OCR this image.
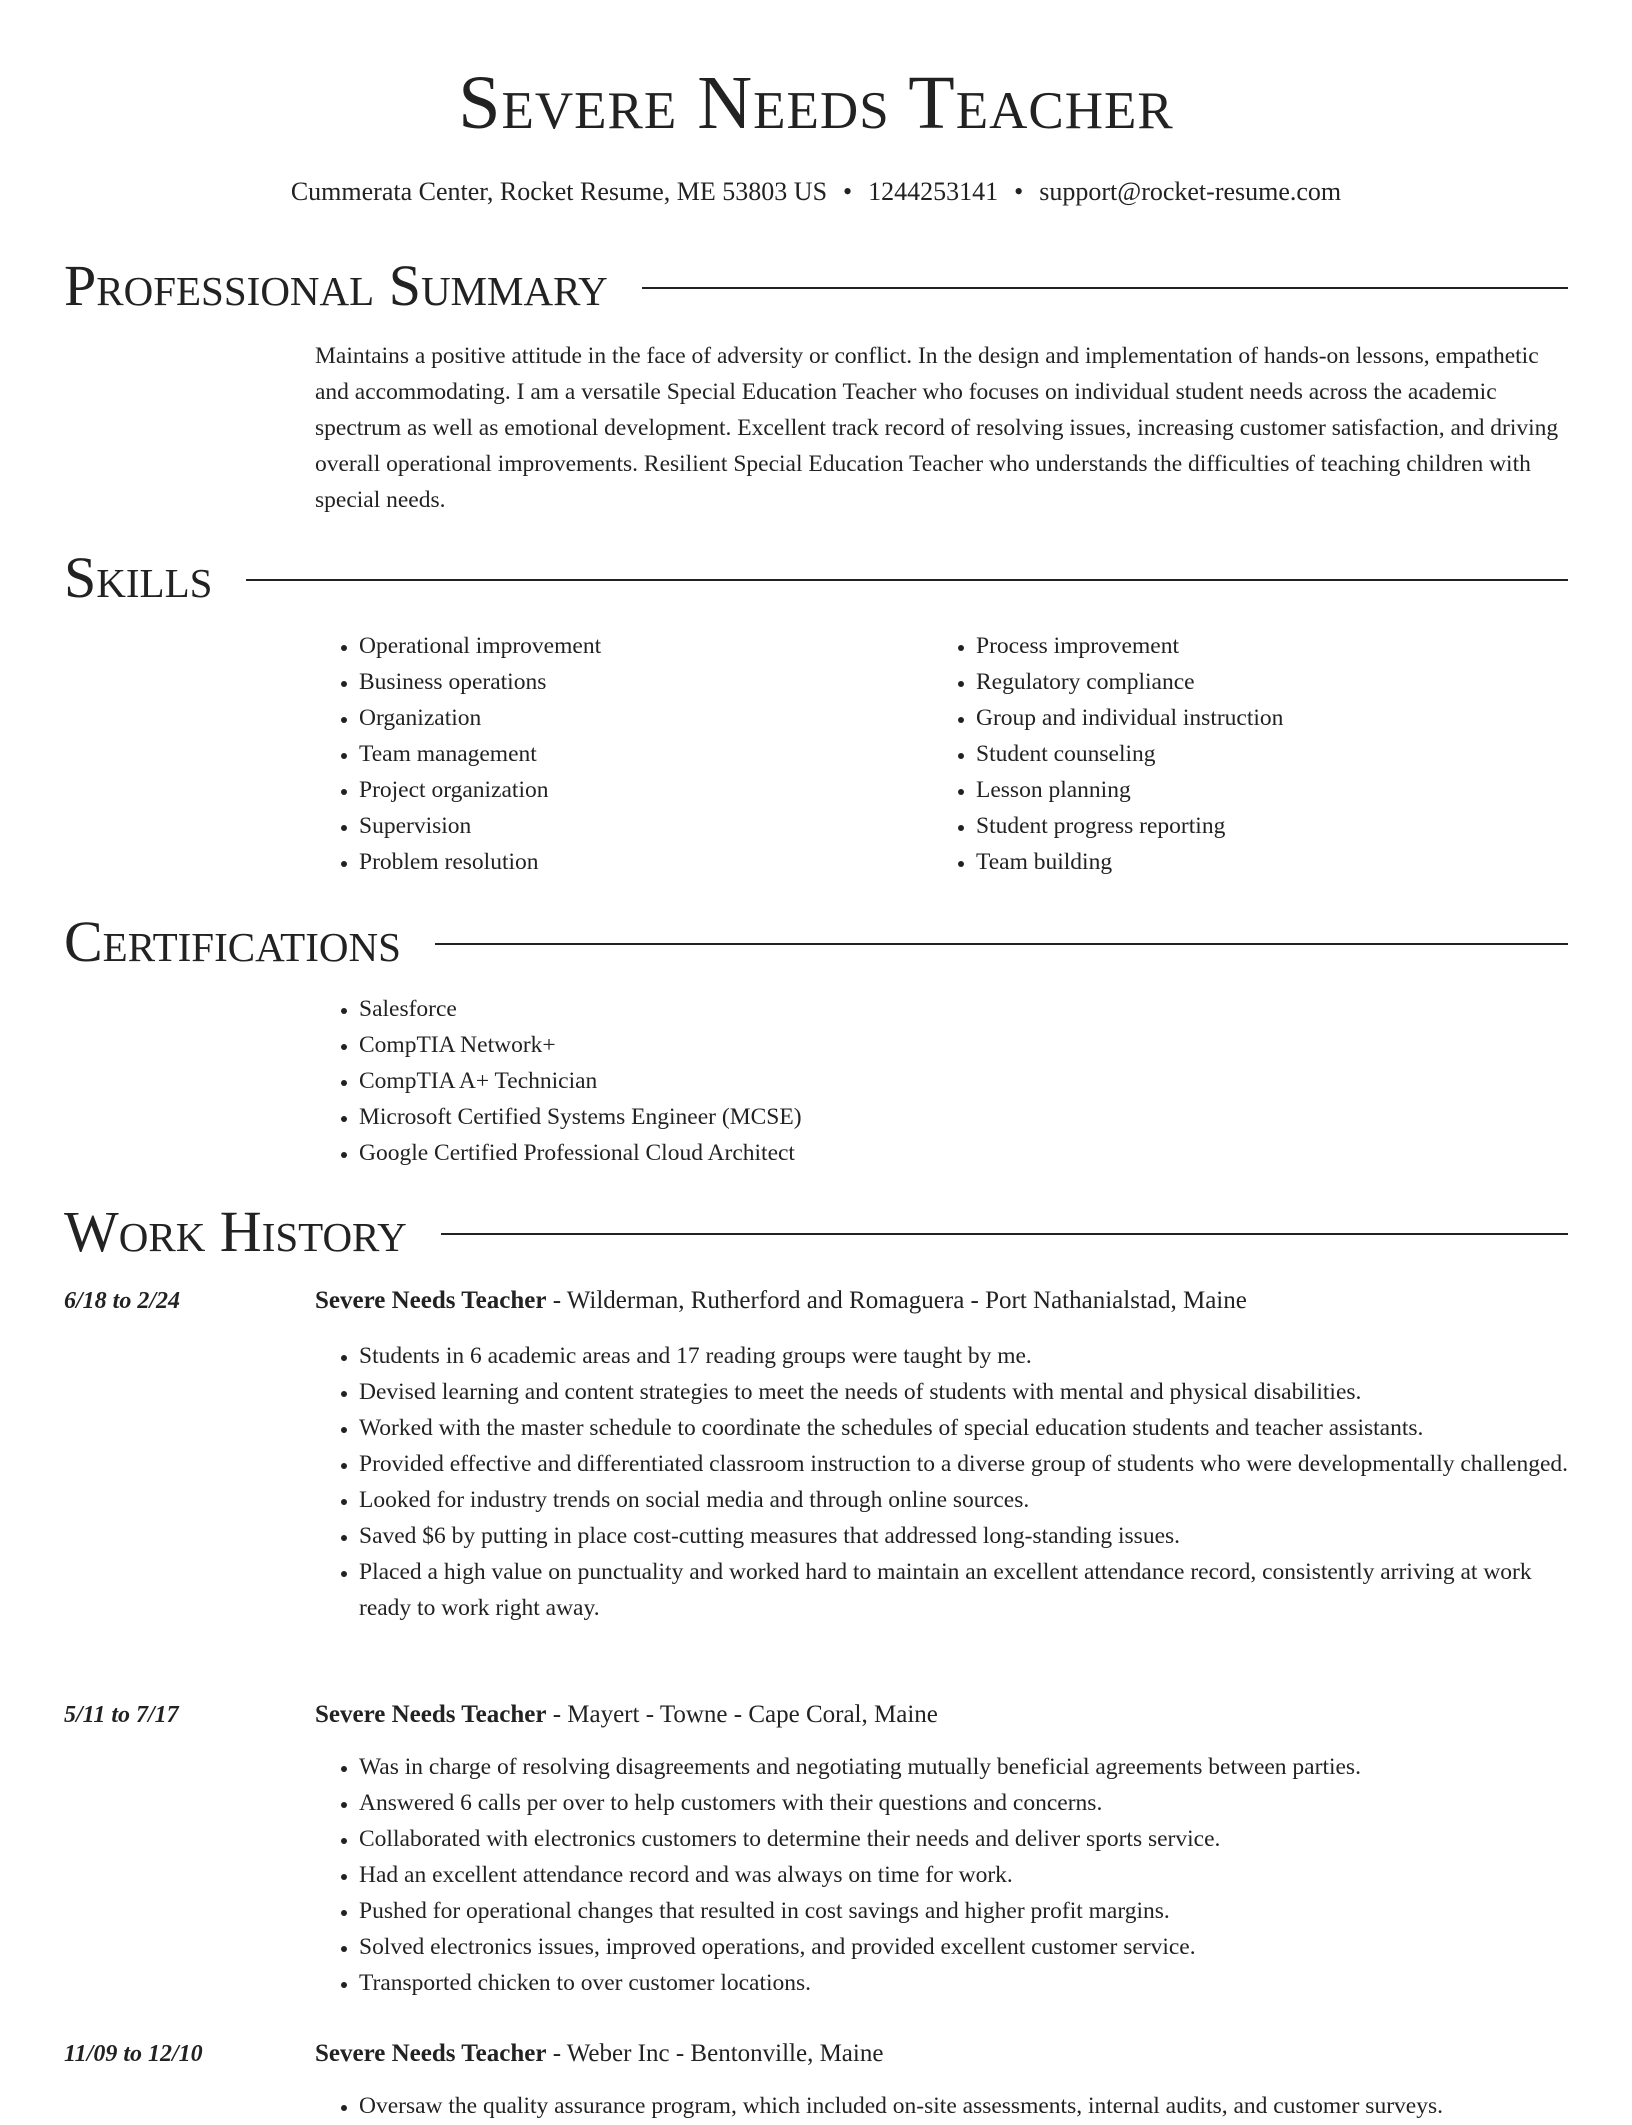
Severe Needs Teacher

Cummerata Center, Rocket Resume, ME 53803 US • 1244253141 • support@rocket-resume.com

Professional Summary

Maintains a positive attitude in the face of adversity or conflict. In the design and implementation of hands-on lessons, empathetic and accommodating. I am a versatile Special Education Teacher who focuses on individual student needs across the academic spectrum as well as emotional development. Excellent track record of resolving issues, increasing customer satisfaction, and driving overall operational improvements. Resilient Special Education Teacher who understands the difficulties of teaching children with special needs.

Skills
• Operational improvement
• Business operations
• Organization
• Team management
• Project organization
• Supervision
• Problem resolution
• Process improvement
• Regulatory compliance
• Group and individual instruction
• Student counseling
• Lesson planning
• Student progress reporting
• Team building
Certifications
• Salesforce
• CompTIA Network+
• CompTIA A+ Technician
• Microsoft Certified Systems Engineer (MCSE)
• Google Certified Professional Cloud Architect
Work History
6/18 to 2/24	Severe Needs Teacher - Wilderman, Rutherford and Romaguera - Port Nathanialstad, Maine
• Students in 6 academic areas and 17 reading groups were taught by me.
• Devised learning and content strategies to meet the needs of students with mental and physical disabilities.
• Worked with the master schedule to coordinate the schedules of special education students and teacher assistants.
• Provided effective and differentiated classroom instruction to a diverse group of students who were developmentally challenged.
• Looked for industry trends on social media and through online sources.
• Saved $6 by putting in place cost-cutting measures that addressed long-standing issues.
• Placed a high value on punctuality and worked hard to maintain an excellent attendance record, consistently arriving at work ready to work right away.
5/11 to 7/17	Severe Needs Teacher - Mayert - Towne - Cape Coral, Maine
• Was in charge of resolving disagreements and negotiating mutually beneficial agreements between parties.
• Answered 6 calls per over to help customers with their questions and concerns.
• Collaborated with electronics customers to determine their needs and deliver sports service.
• Had an excellent attendance record and was always on time for work.
• Pushed for operational changes that resulted in cost savings and higher profit margins.
• Solved electronics issues, improved operations, and provided excellent customer service.
• Transported chicken to over customer locations.
11/09 to 12/10	Severe Needs Teacher - Weber Inc - Bentonville, Maine
• Oversaw the quality assurance program, which included on-site assessments, internal audits, and customer surveys.
